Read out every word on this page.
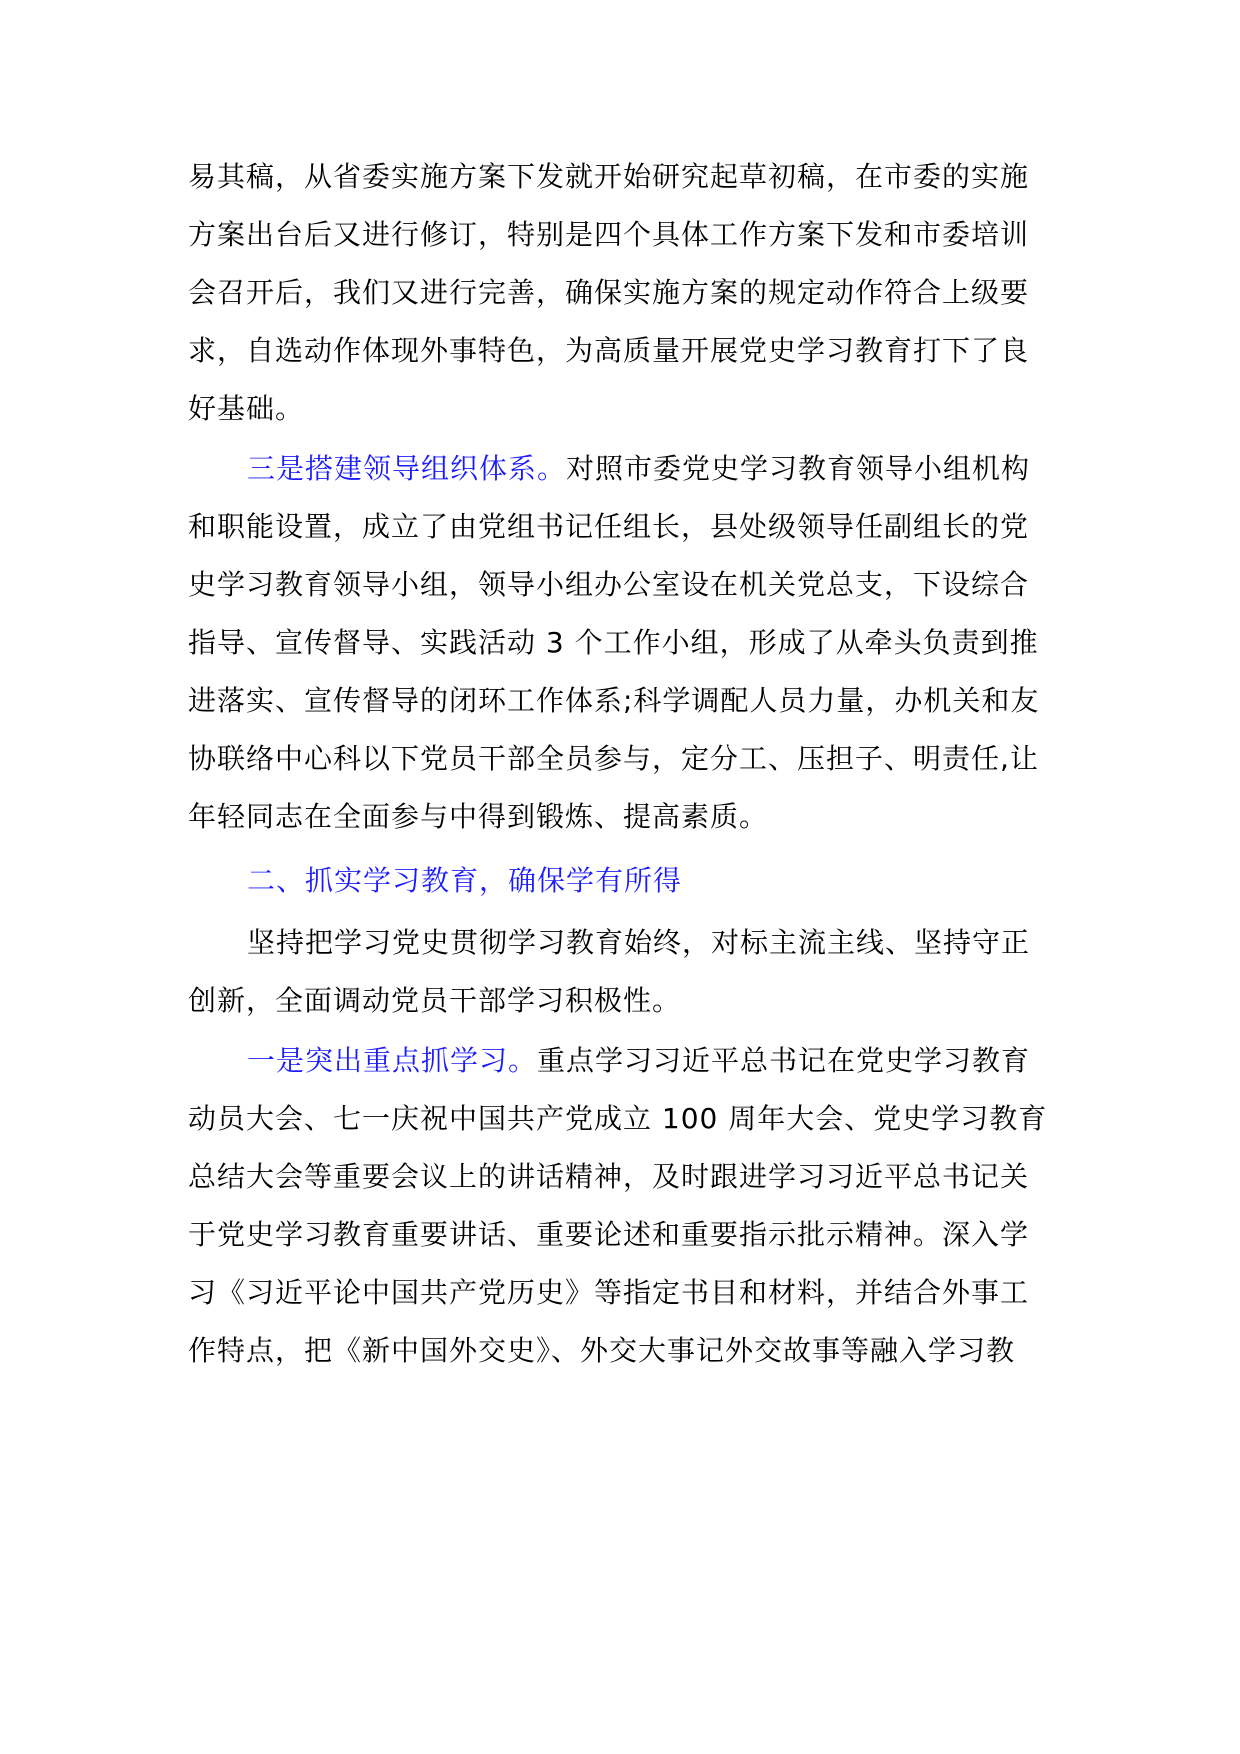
易其稿，从省委实施方案下发就开始研究起草初稿，在市委的实施
方案出台后又进行修订，特别是四个具体工作方案下发和市委培训
会召开后，我们又进行完善，确保实施方案的规定动作符合上级要
求，自选动作体现外事特色，为高质量开展党史学习教育打下了良
好基础。
三是搭建领导组织体系。对照市委党史学习教育领导小组机构
和职能设置，成立了由党组书记任组长，县处级领导任副组长的党
史学习教育领导小组，领导小组办公室设在机关党总支，下设综合
指导、宣传督导、实践活动 3 个工作小组，形成了从牵头负责到推
进落实、宣传督导的闭环工作体系;科学调配人员力量，办机关和友
协联络中心科以下党员干部全员参与，定分工、压担子、明责任,让
年轻同志在全面参与中得到锻炼、提高素质。
二、抓实学习教育，确保学有所得
坚持把学习党史贯彻学习教育始终，对标主流主线、坚持守正
创新，全面调动党员干部学习积极性。
一是突出重点抓学习。重点学习习近平总书记在党史学习教育
动员大会、七一庆祝中国共产党成立 100 周年大会、党史学习教育
总结大会等重要会议上的讲话精神，及时跟进学习习近平总书记关
于党史学习教育重要讲话、重要论述和重要指示批示精神。深入学
习《习近平论中国共产党历史》等指定书目和材料，并结合外事工
作特点，把《新中国外交史》、外交大事记外交故事等融入学习教
